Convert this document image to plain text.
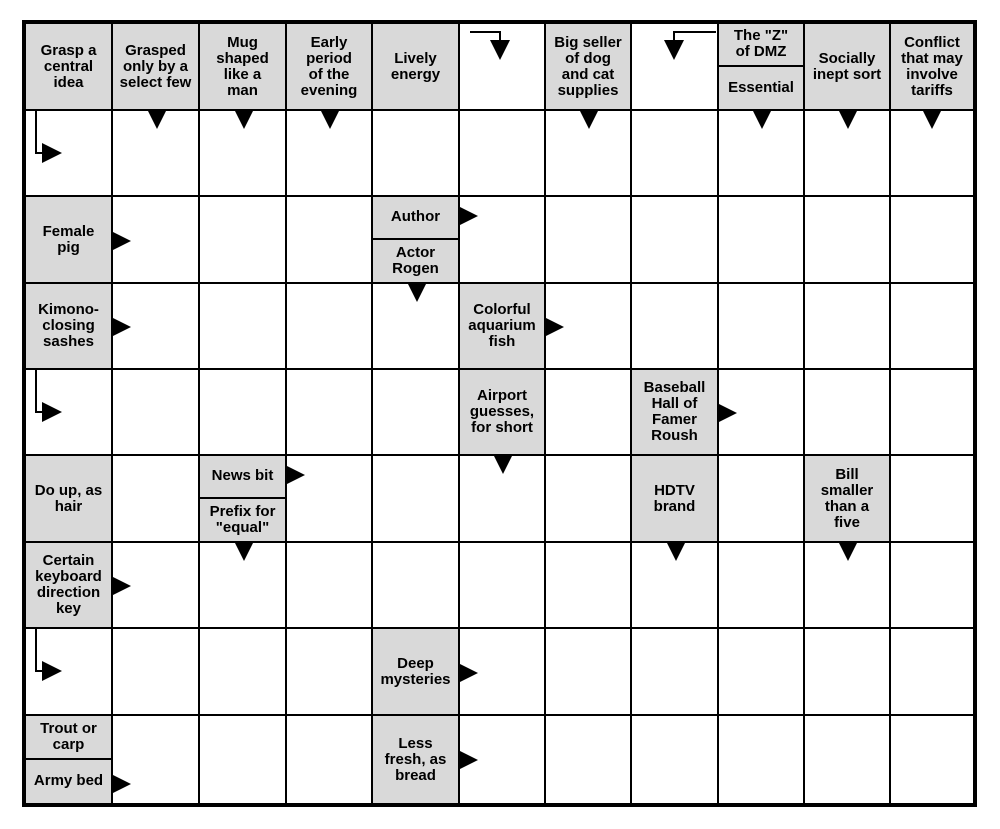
Grasp a
central
idea
Grasped
only by a
select few
Mug
shaped
like a
man
Early
period
of the
evening
Lively
energy
Big seller
of dog
and cat
supplies
The "Z"
of DMZ
Essential
Socially
inept sort
Conflict
that may
involve
tariffs
Female
pig
Author
Actor
Rogen
Kimono-
closing
sashes
Colorful
aquarium
fish
Airport
guesses,
for short
Baseball
Hall of
Famer
Roush
Do up, as
hair
News bit
Prefix for
"equal"
HDTV
brand
Bill
smaller
than a
five
Certain
keyboard
direction
key
Deep
mysteries
Trout or
carp
Army bed
Less
fresh, as
bread
